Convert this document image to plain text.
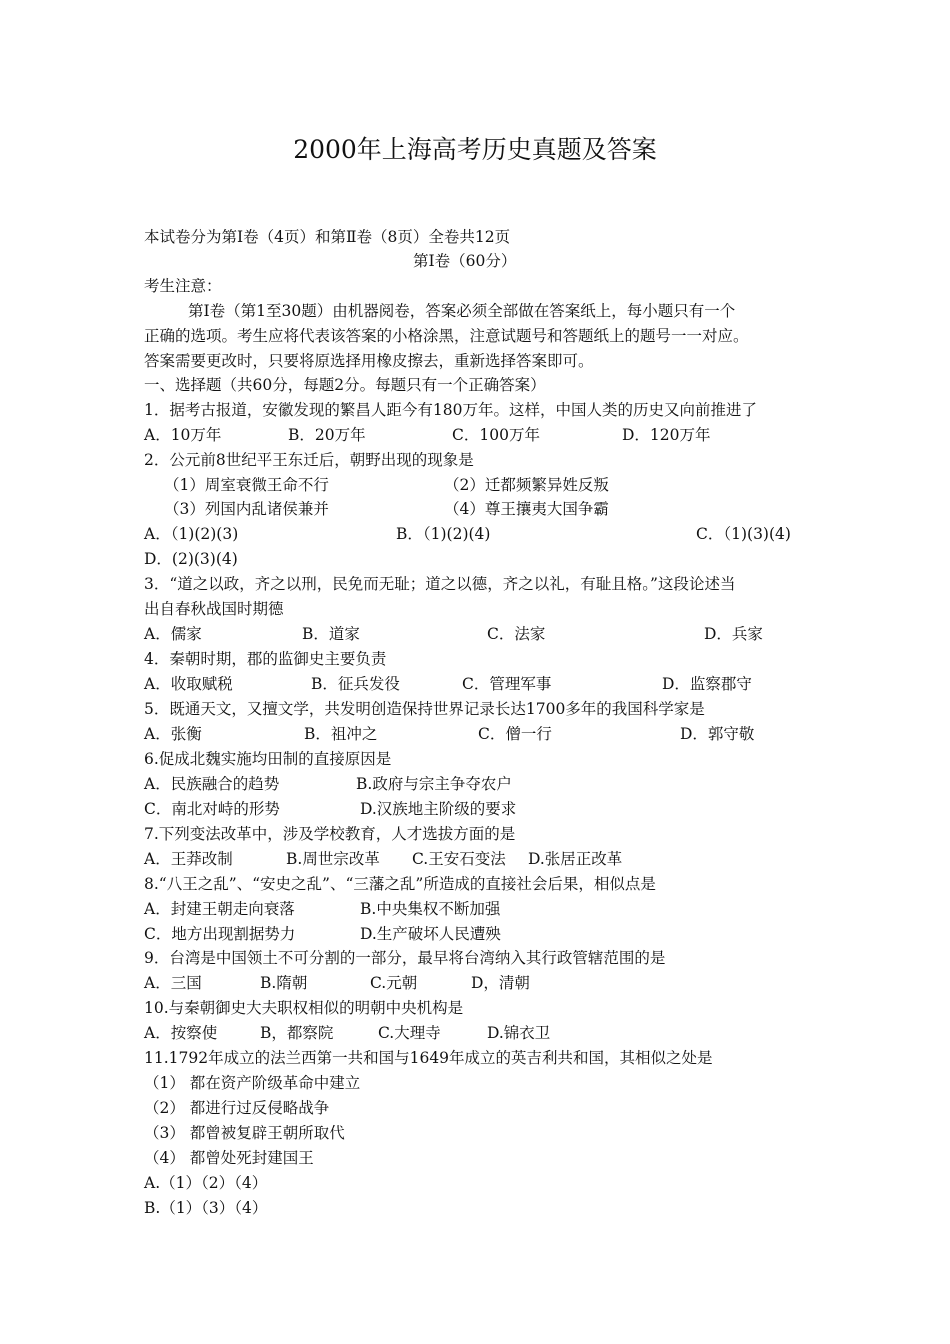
2000年上海高考历史真题及答案
本试卷分为第Ⅰ卷（4页）和第Ⅱ卷（8页）全卷共12页
第Ⅰ卷（60分）
考生注意：
第Ⅰ卷（第1至30题）由机器阅卷，答案必须全部做在答案纸上，每小题只有一个
正确的选项。考生应将代表该答案的小格涂黑，注意试题号和答题纸上的题号一一对应。
答案需要更改时，只要将原选择用橡皮擦去，重新选择答案即可。
一、选择题（共60分，每题2分。每题只有一个正确答案）
1．据考古报道，安徽发现的繁昌人距今有180万年。这样，中国人类的历史又向前推进了
A．10万年	B．20万年	C．100万年	D．120万年
2．公元前8世纪平王东迁后，朝野出现的现象是
（1）周室衰微王命不行	（2）迁都频繁异姓反叛
（3）列国内乱诸侯兼并	（4）尊王攘夷大国争霸
A．（1)(2)(3)	B．（1)(2)(4)	C．（1)(3)(4)
D．(2)(3)(4)
3．“道之以政，齐之以刑，民免而无耻；道之以德，齐之以礼，有耻且格。”这段论述当
出自春秋战国时期德
A．儒家	B．道家	C．法家	D．兵家
4．秦朝时期，郡的监御史主要负责
A．收取赋税	B．征兵发役	C．管理军事	D．监察郡守
5．既通天文，又擅文学，共发明创造保持世界记录长达1700多年的我国科学家是
A．张衡	B．祖冲之	C．僧一行	D．郭守敬
6.促成北魏实施均田制的直接原因是
A．民族融合的趋势	B.政府与宗主争夺农户
C．南北对峙的形势	D.汉族地主阶级的要求
7.下列变法改革中，涉及学校教育，人才选拔方面的是
A．王莽改制	B.周世宗改革 C.王安石变法 D.张居正改革
8.“八王之乱”、“安史之乱”、“三藩之乱”所造成的直接社会后果，相似点是
A．封建王朝走向衰落	B.中央集权不断加强
C．地方出现割据势力	D.生产破坏人民遭殃
9．台湾是中国领土不可分割的一部分，最早将台湾纳入其行政管辖范围的是
A．三国	B.隋朝	C.元朝	D，清朝
10.与秦朝御史大夫职权相似的明朝中央机构是
A．按察使	B，都察院	C.大理寺	D.锦衣卫
11.1792年成立的法兰西第一共和国与1649年成立的英吉利共和国，其相似之处是
（1） 都在资产阶级革命中建立
（2） 都进行过反侵略战争
（3） 都曾被复辟王朝所取代
（4） 都曾处死封建国王
A.（1）（2）（4）
B.（1）（3）（4）
